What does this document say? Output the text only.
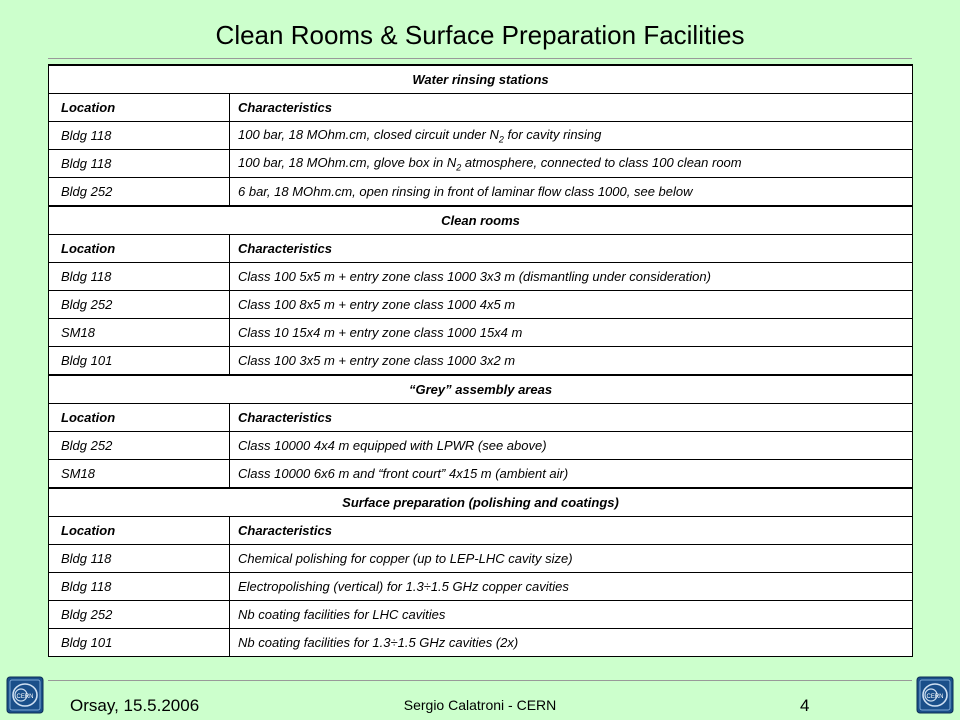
Clean Rooms & Surface Preparation Facilities
Water rinsing stations	
Location	Characteristics
Bldg 118	100 bar, 18 MOhm.cm, closed circuit under $N_2$ for cavity rinsing
Bldg 118	100 bar, 18 MOhm.cm, glove box in $N_2$ atmosphere, connected to class 100 clean room
Bldg 252	6 bar, 18 MOhm.cm, open rinsing in front of laminar flow class 1000, see below
Clean rooms	
Location	Characteristics
Bldg 118	Class 100 5x5 m + entry zone class 1000 3x3 m (dismantling under consideration)
Bldg 252	Class 100 8x5 m + entry zone class 1000 4x5 m
SM18	Class 10 15x4 m + entry zone class 1000 15x4 m
Bldg 101	Class 100 3x5 m + entry zone class 1000 3x2 m
“Grey” assembly areas	
Location	Characteristics
Bldg 252	Class 10000 4x4 m equipped with LPWR (see above)
SM18	Class 10000 6x6 m and “front court” 4x15 m (ambient air)
Surface preparation (polishing and coatings)	
Location	Characteristics
Bldg 118	Chemical polishing for copper (up to LEP-LHC cavity size)
Bldg 118	Electropolishing (vertical) for 1.3÷1.5 GHz copper cavities
Bldg 252	Nb coating facilities for LHC cavities
Bldg 101	Nb coating facilities for 1.3÷1.5 GHz cavities (2x)
CERN	CERN
Orsay, 15.5.2006	Sergio Calatroni - CERN	4
